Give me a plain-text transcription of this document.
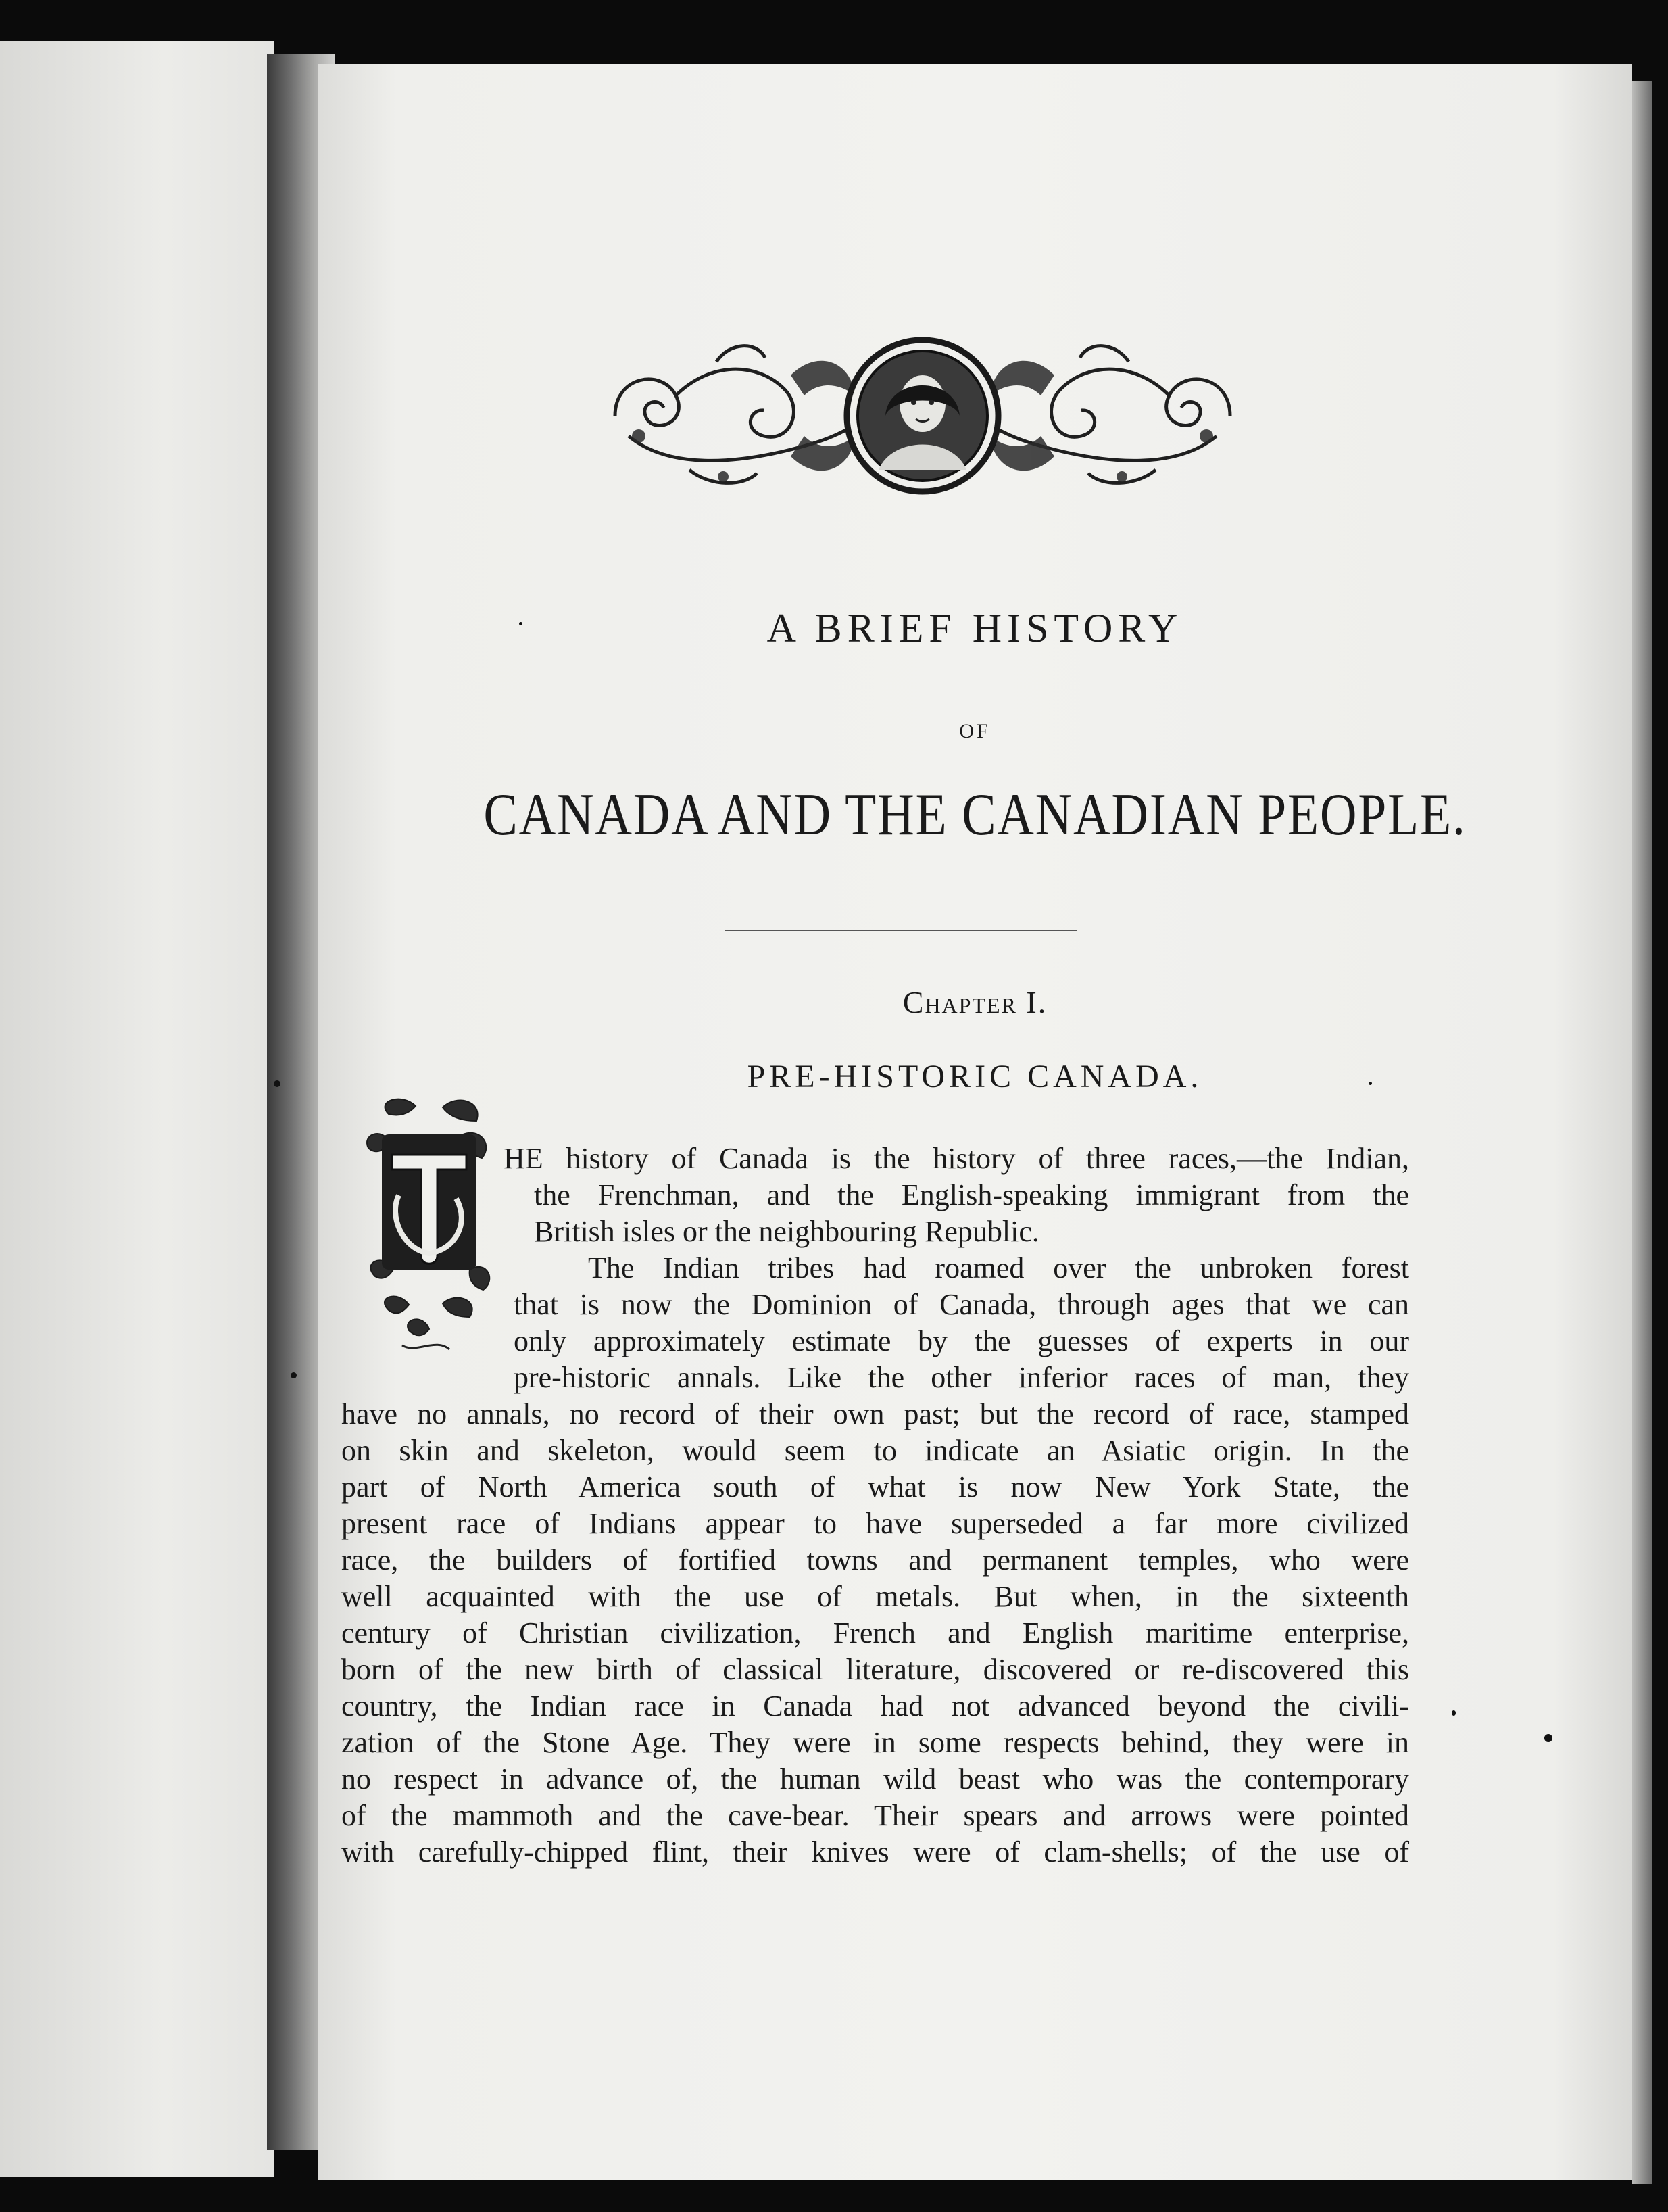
A BRIEF HISTORY
OF
CANADA AND THE CANADIAN PEOPLE.
Chapter I.
PRE-HISTORIC CANADA.

HE history of Canada is the history of three races,—the Indian,

the Frenchman, and the English-speaking immigrant from the

British isles or the neighbouring Republic.

The Indian tribes had roamed over the unbroken forest

that is now the Dominion of Canada, through ages that we can

only approximately estimate by the guesses of experts in our

pre-historic annals. Like the other inferior races of man, they

have no annals, no record of their own past; but the record of race, stamped

on skin and skeleton, would seem to indicate an Asiatic origin. In the

part of North America south of what is now New York State, the

present race of Indians appear to have superseded a far more civilized

race, the builders of fortified towns and permanent temples, who were

well acquainted with the use of metals. But when, in the sixteenth

century of Christian civilization, French and English maritime enterprise,

born of the new birth of classical literature, discovered or re-discovered this

country, the Indian race in Canada had not advanced beyond the civili-

zation of the Stone Age. They were in some respects behind, they were in

no respect in advance of, the human wild beast who was the contemporary

of the mammoth and the cave-bear. Their spears and arrows were pointed

with carefully-chipped flint, their knives were of clam-shells; of the use of
